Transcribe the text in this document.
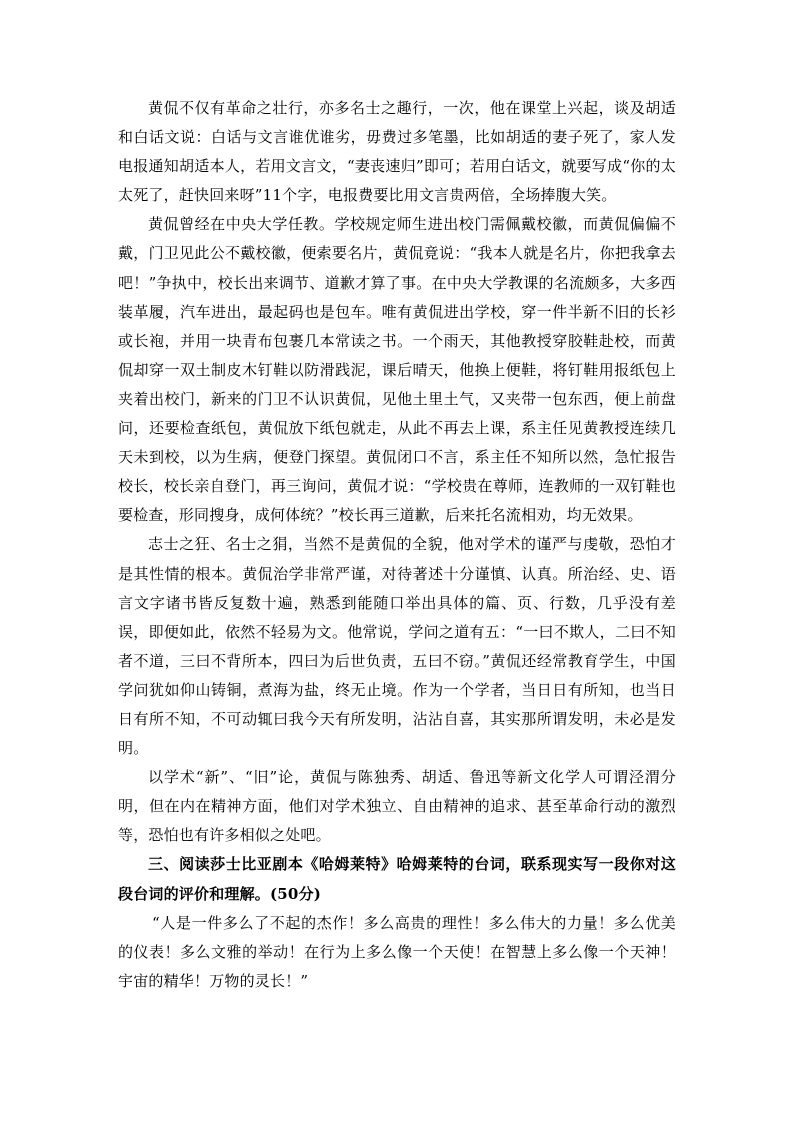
黄侃不仅有革命之壮行，亦多名士之趣行，一次，他在课堂上兴起，谈及胡适和白话文说：白话与文言谁优谁劣，毋费过多笔墨，比如胡适的妻子死了，家人发电报通知胡适本人，若用文言文，“妻丧速归”即可；若用白话文，就要写成“你的太太死了，赶快回来呀”11个字，电报费要比用文言贵两倍，全场捧腹大笑。

黄侃曾经在中央大学任教。学校规定师生进出校门需佩戴校徽，而黄侃偏偏不戴，门卫见此公不戴校徽，便索要名片，黄侃竟说：“我本人就是名片，你把我拿去吧！”争执中，校长出来调节、道歉才算了事。在中央大学教课的名流颇多，大多西装革履，汽车进出，最起码也是包车。唯有黄侃进出学校，穿一件半新不旧的长衫或长袍，并用一块青布包裹几本常读之书。一个雨天，其他教授穿胶鞋赴校，而黄侃却穿一双土制皮木钉鞋以防滑践泥，课后晴天，他换上便鞋，将钉鞋用报纸包上夹着出校门，新来的门卫不认识黄侃，见他土里土气，又夹带一包东西，便上前盘问，还要检查纸包，黄侃放下纸包就走，从此不再去上课，系主任见黄教授连续几天未到校，以为生病，便登门探望。黄侃闭口不言，系主任不知所以然，急忙报告校长，校长亲自登门，再三询问，黄侃才说：“学校贵在尊师，连教师的一双钉鞋也要检查，形同搜身，成何体统？”校长再三道歉，后来托名流相劝，均无效果。

志士之狂、名士之狷，当然不是黄侃的全貌，他对学术的谨严与虔敬，恐怕才是其性情的根本。黄侃治学非常严谨，对待著述十分谨慎、认真。所治经、史、语言文字诸书皆反复数十遍，熟悉到能随口举出具体的篇、页、行数，几乎没有差误，即便如此，依然不轻易为文。他常说，学问之道有五：“一曰不欺人，二曰不知者不道，三曰不背所本，四曰为后世负责，五曰不窃。”黄侃还经常教育学生，中国学问犹如仰山铸铜，煮海为盐，终无止境。作为一个学者，当日日有所知，也当日日有所不知，不可动辄曰我今天有所发明，沾沾自喜，其实那所谓发明，未必是发明。

以学术“新”、“旧”论，黄侃与陈独秀、胡适、鲁迅等新文化学人可谓泾渭分明，但在内在精神方面，他们对学术独立、自由精神的追求、甚至革命行动的激烈等，恐怕也有许多相似之处吧。

三、阅读莎士比亚剧本《哈姆莱特》哈姆莱特的台词，联系现实写一段你对这段台词的评价和理解。(50分)

“人是一件多么了不起的杰作！多么高贵的理性！多么伟大的力量！多么优美的仪表！多么文雅的举动！在行为上多么像一个天使！在智慧上多么像一个天神！宇宙的精华！万物的灵长！”
